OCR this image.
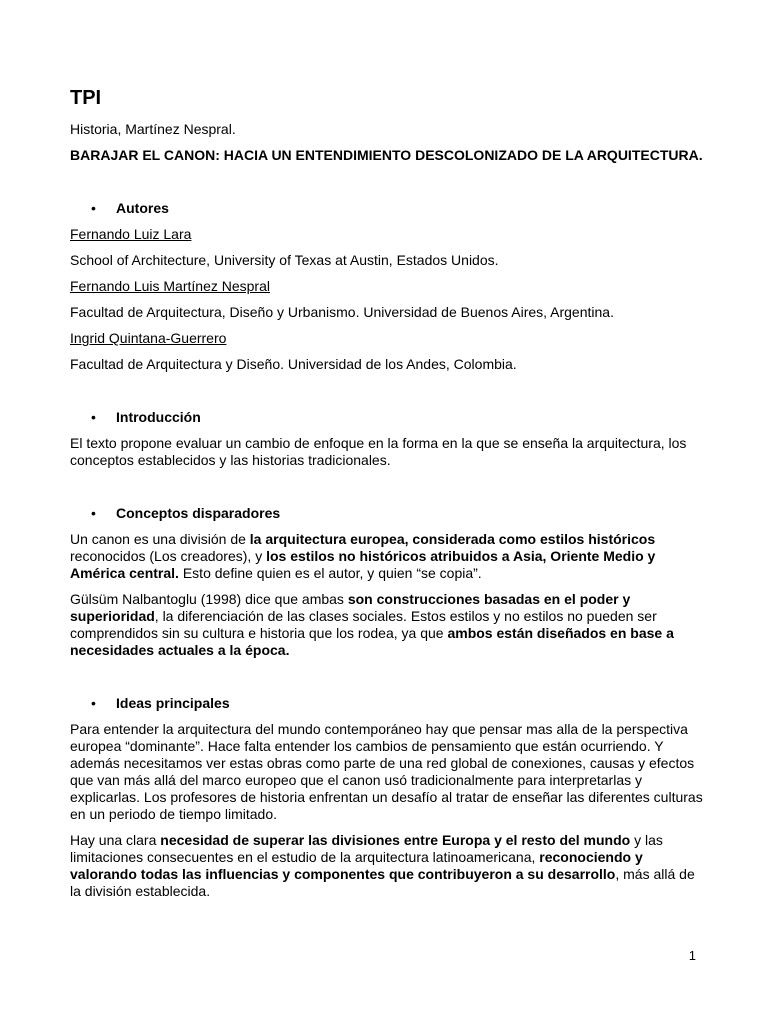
TPI

Historia, Martínez Nespral.

BARAJAR EL CANON: HACIA UN ENTENDIMIENTO DESCOLONIZADO DE LA ARQUITECTURA.

• Autores

Fernando Luiz Lara

School of Architecture, University of Texas at Austin, Estados Unidos.

Fernando Luis Martínez Nespral

Facultad de Arquitectura, Diseño y Urbanismo. Universidad de Buenos Aires, Argentina.

Ingrid Quintana-Guerrero

Facultad de Arquitectura y Diseño. Universidad de los Andes, Colombia.

• Introducción

El texto propone evaluar un cambio de enfoque en la forma en la que se enseña la arquitectura, los conceptos establecidos y las historias tradicionales.

• Conceptos disparadores

Un canon es una división de la arquitectura europea, considerada como estilos históricos reconocidos (Los creadores), y los estilos no históricos atribuidos a Asia, Oriente Medio y América central. Esto define quien es el autor, y quien “se copia”.

Gülsüm Nalbantoglu (1998) dice que ambas son construcciones basadas en el poder y superioridad, la diferenciación de las clases sociales. Estos estilos y no estilos no pueden ser comprendidos sin su cultura e historia que los rodea, ya que ambos están diseñados en base a necesidades actuales a la época.

• Ideas principales

Para entender la arquitectura del mundo contemporáneo hay que pensar mas alla de la perspectiva europea “dominante”. Hace falta entender los cambios de pensamiento que están ocurriendo. Y además necesitamos ver estas obras como parte de una red global de conexiones, causas y efectos que van más allá del marco europeo que el canon usó tradicionalmente para interpretarlas y explicarlas. Los profesores de historia enfrentan un desafío al tratar de enseñar las diferentes culturas en un periodo de tiempo limitado.

Hay una clara necesidad de superar las divisiones entre Europa y el resto del mundo y las limitaciones consecuentes en el estudio de la arquitectura latinoamericana, reconociendo y valorando todas las influencias y componentes que contribuyeron a su desarrollo, más allá de la división establecida.

1
